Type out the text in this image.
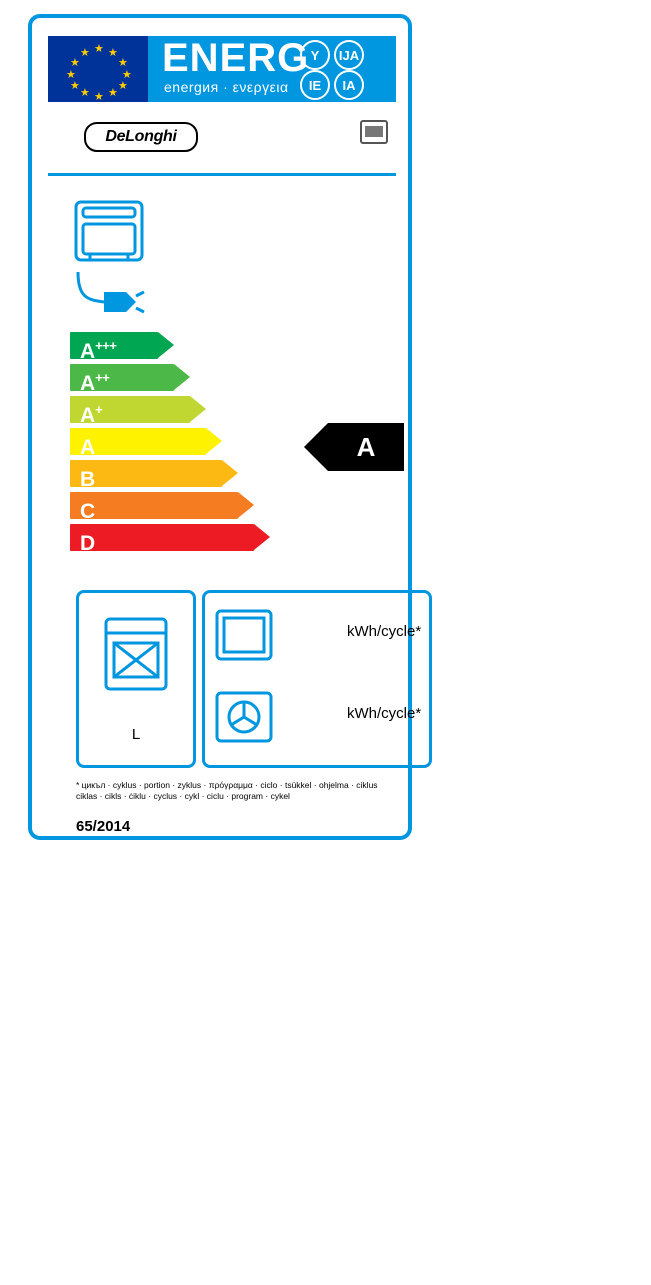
★
★ ★
★	★
★	★
★	★
★ ★
★
ENERG
energия · ενεργεια
Y	IJA
IE	IA
DeLonghi
A+++
A++
A+
A
B
C
D
A
L
kWh/cycle*
kWh/cycle*
* цикъл · cyklus · portion · zyklus · πρόγραμμα · ciclo · tsükkel · ohjelma · ciklus
ciklas · cikls · ċiklu · cyclus · cykl · ciclu · program · cykel
65/2014
